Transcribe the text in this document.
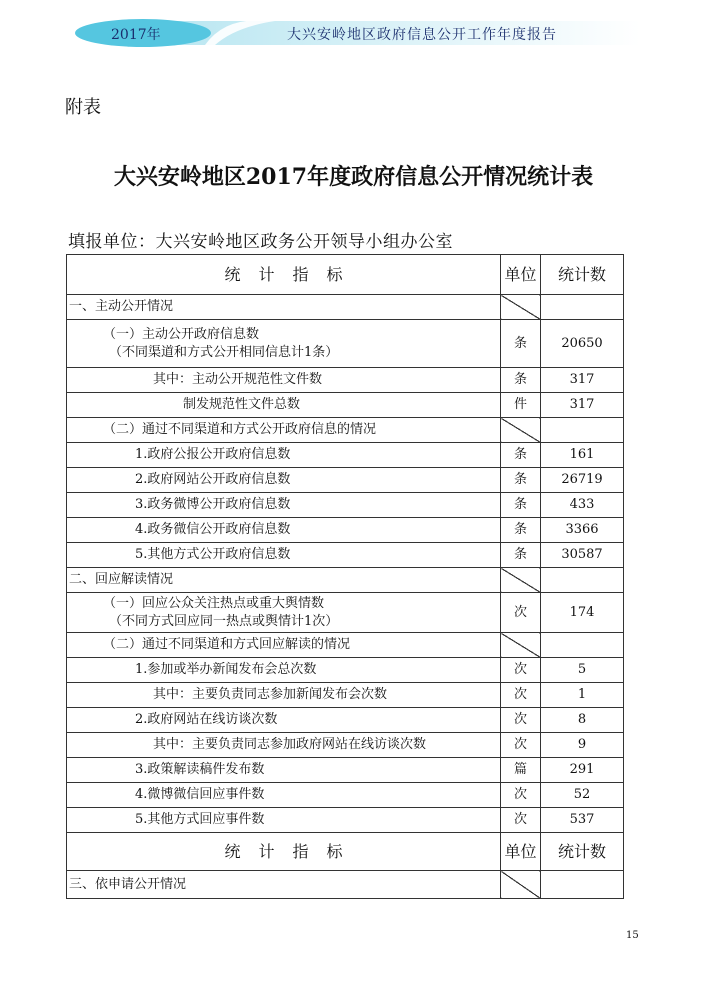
2017年	大兴安岭地区政府信息公开工作年度报告
附表
大兴安岭地区2017年度政府信息公开情况统计表
填报单位：大兴安岭地区政务公开领导小组办公室
统计指标	单位	统计数
一、主动公开情况		

（一）主动公开政府信息数
（不同渠道和方式公开相同信息计1条）	条	20650
其中：主动公开规范性文件数	条	317
制发规范性文件总数	件	317
（二）通过不同渠道和方式公开政府信息的情况		
1.政府公报公开政府信息数	条	161
2.政府网站公开政府信息数	条	26719
3.政务微博公开政府信息数	条	433
4.政务微信公开政府信息数	条	3366
5.其他方式公开政府信息数	条	30587
二、回应解读情况		

（一）回应公众关注热点或重大舆情数
（不同方式回应同一热点或舆情计1次）	次	174
（二）通过不同渠道和方式回应解读的情况		
1.参加或举办新闻发布会总次数	次	5
其中：主要负责同志参加新闻发布会次数	次	1
2.政府网站在线访谈次数	次	8
其中：主要负责同志参加政府网站在线访谈次数	次	9
3.政策解读稿件发布数	篇	291
4.微博微信回应事件数	次	52
5.其他方式回应事件数	次	537
统计指标	单位	统计数
三、依申请公开情况		
15
